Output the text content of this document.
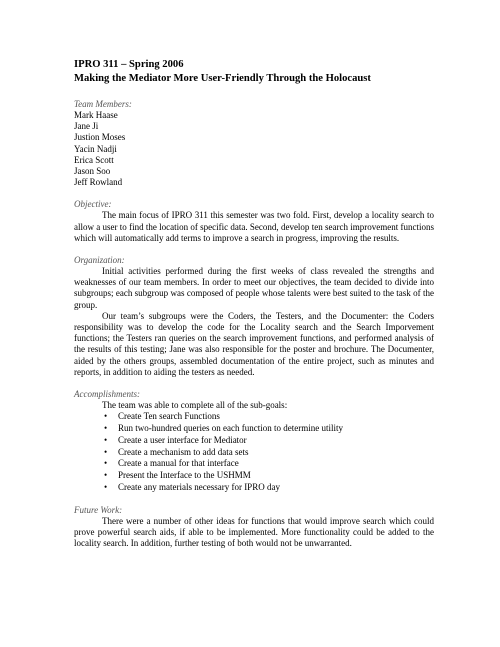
IPRO 311 – Spring 2006
Making the Mediator More User-Friendly Through the Holocaust
Team Members:
Mark Haase
Jane Ji
Justion Moses
Yacin Nadji
Erica Scott
Jason Soo
Jeff Rowland
Objective:

The main focus of IPRO 311 this semester was two fold. First, develop a locality search to allow a user to find the location of specific data. Second, develop ten search improvement functions which will automatically add terms to improve a search in progress, improving the results.

Organization:

Initial activities performed during the first weeks of class revealed the strengths and weaknesses of our team members. In order to meet our objectives, the team decided to divide into subgroups; each subgroup was composed of people whose talents were best suited to the task of the group.

Our team’s subgroups were the Coders, the Testers, and the Documenter: the Coders responsibility was to develop the code for the Locality search and the Search Imporvement functions; the Testers ran queries on the search improvement functions, and performed analysis of the results of this testing; Jane was also responsible for the poster and brochure. The Documenter, aided by the others groups, assembled documentation of the entire project, such as minutes and reports, in addition to aiding the testers as needed.

Accomplishments:
The team was able to complete all of the sub-goals:
• Create Ten search Functions
• Run two-hundred queries on each function to determine utility
• Create a user interface for Mediator
• Create a mechanism to add data sets
• Create a manual for that interface
• Present the Interface to the USHMM
• Create any materials necessary for IPRO day
Future Work:

There were a number of other ideas for functions that would improve search which could prove powerful search aids, if able to be implemented. More functionality could be added to the locality search. In addition, further testing of both would not be unwarranted.
